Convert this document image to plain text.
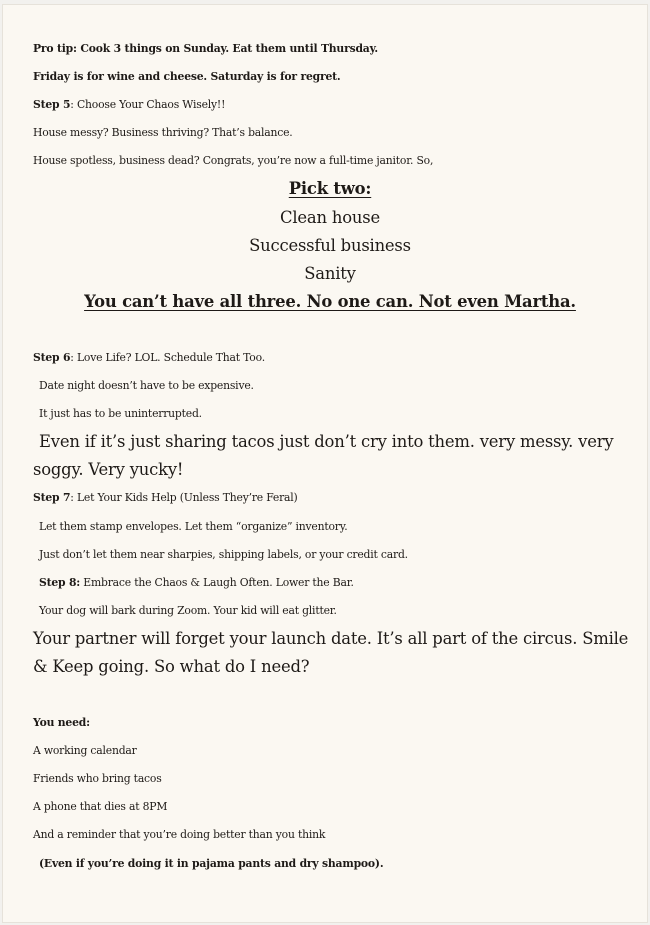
Pro tip: Cook 3 things on Sunday. Eat them until Thursday.
Friday is for wine and cheese. Saturday is for regret.
Step 5: Choose Your Chaos Wisely!!
House messy? Business thriving? That’s balance.
House spotless, business dead? Congrats, you’re now a full-time janitor. So,
Pick two:
Clean house
Successful business
Sanity
You can’t have all three. No one can. Not even Martha.
Step 6: Love Life? LOL. Schedule That Too.
Date night doesn’t have to be expensive.
It just has to be uninterrupted.
Even if it’s just sharing tacos just don’t cry into them. very messy. very soggy. Very yucky!
Step 7: Let Your Kids Help (Unless They’re Feral)
Let them stamp envelopes. Let them “organize” inventory.
Just don’t let them near sharpies, shipping labels, or your credit card.
Step 8: Embrace the Chaos & Laugh Often. Lower the Bar.
Your dog will bark during Zoom. Your kid will eat glitter.
Your partner will forget your launch date. It’s all part of the circus. Smile & Keep going. So what do I need?
You need:
A working calendar
Friends who bring tacos
A phone that dies at 8PM
And a reminder that you’re doing better than you think
(Even if you’re doing it in pajama pants and dry shampoo).
